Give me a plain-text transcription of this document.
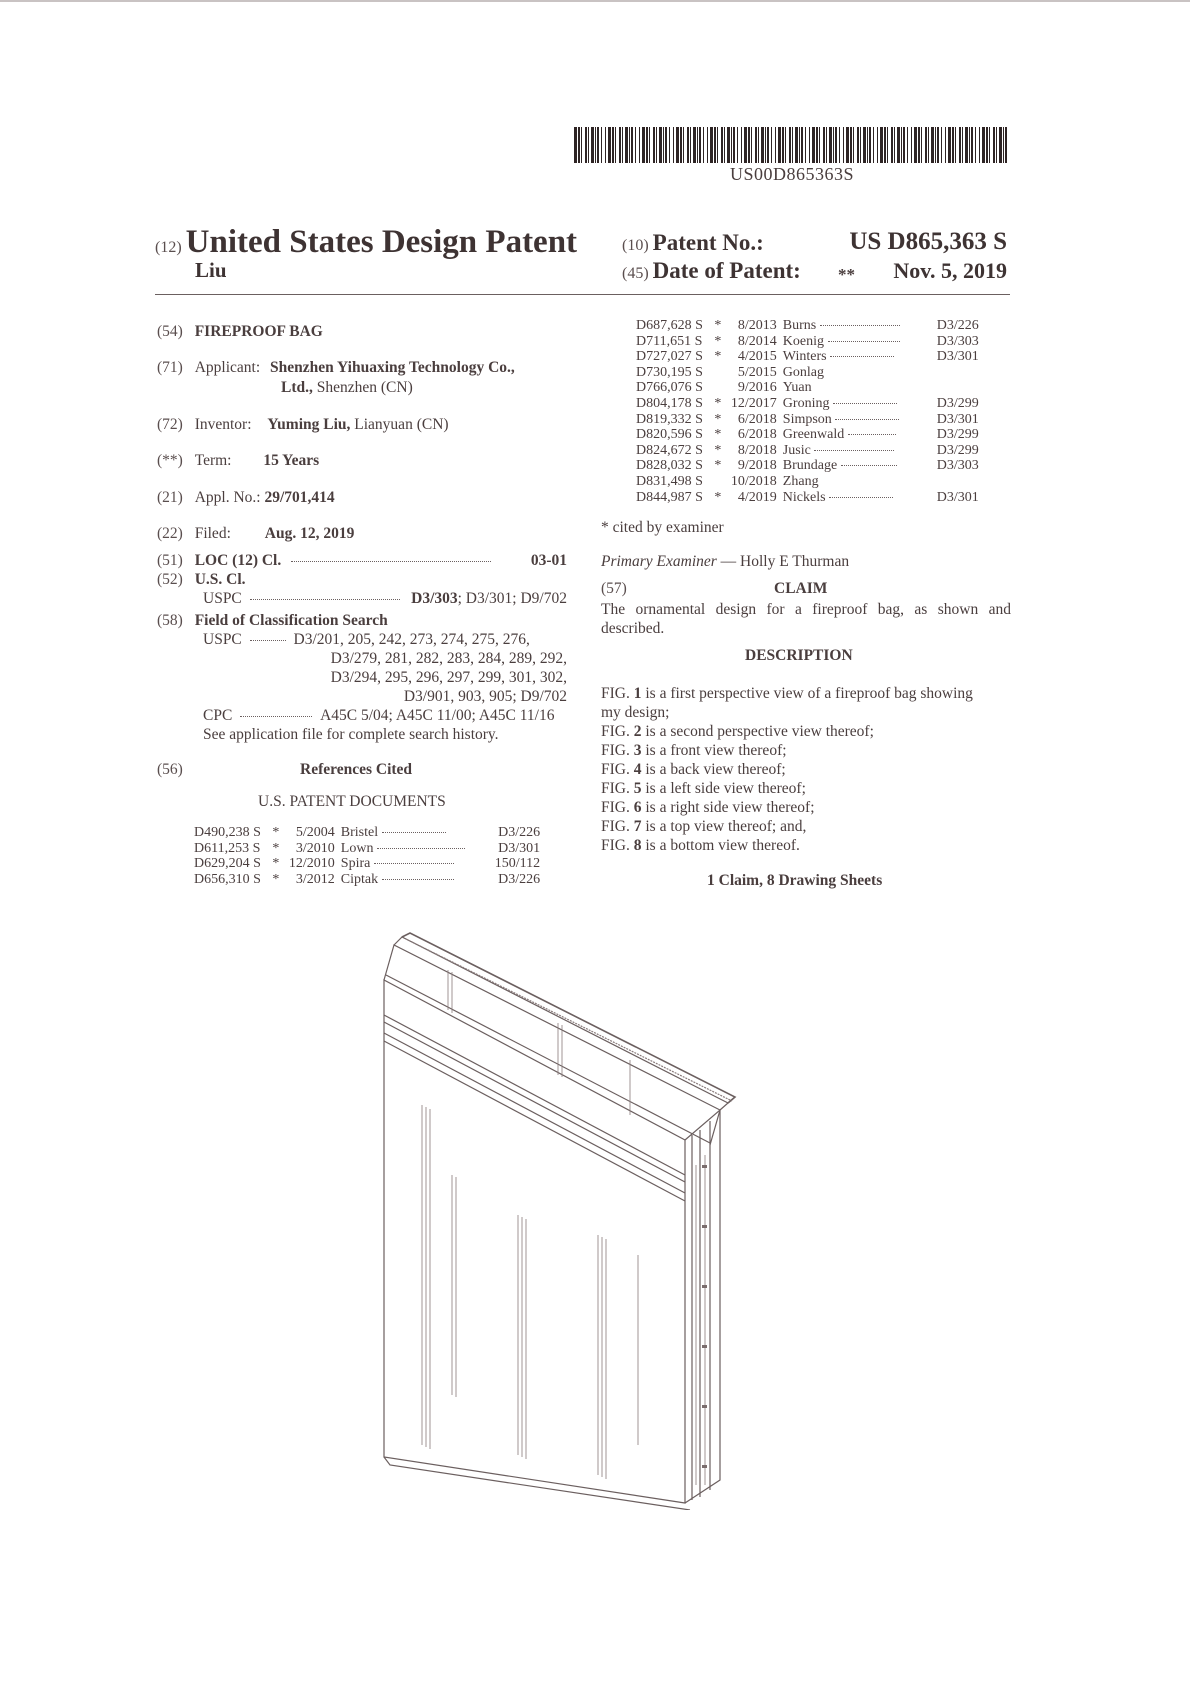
US00D865363S
(12) United States Design Patent
Liu
(10) Patent No.:	US D865,363 S
(45) Date of Patent: ** Nov. 5, 2019
(54) FIREPROOF BAG
(71) Applicant: Shenzhen Yihuaxing Technology Co.,
Ltd., Shenzhen (CN)
(72) Inventor: Yuming Liu, Lianyuan (CN)
(**) Term: 15 Years
(21) Appl. No.: 29/701,414
(22) Filed: Aug. 12, 2019
(51) LOC (12) Cl.	03-01
(52) U.S. Cl.
USPC	D3/303; D3/301; D9/702
(58) Field of Classification Search
USPC	D3/201, 205, 242, 273, 274, 275, 276,
D3/279, 281, 282, 283, 284, 289, 292,
D3/294, 295, 296, 297, 299, 301, 302,
D3/901, 903, 905; D9/702
CPC	A45C 5/04; A45C 11/00; A45C 11/16
See application file for complete search history.
(56)	References Cited
U.S. PATENT DOCUMENTS
D490,238 S	*	5/2004	Bristel	D3/226
D611,253 S	*	3/2010	Lown	D3/301
D629,204 S	*	12/2010	Spira	150/112
D656,310 S	*	3/2012	Ciptak	D3/226
D687,628 S	*	8/2013	Burns	D3/226
D711,651 S	*	8/2014	Koenig	D3/303
D727,027 S	*	4/2015	Winters	D3/301
D730,195 S		5/2015	Gonlag	
D766,076 S		9/2016	Yuan	
D804,178 S	*	12/2017	Groning	D3/299
D819,332 S	*	6/2018	Simpson	D3/301
D820,596 S	*	6/2018	Greenwald	D3/299
D824,672 S	*	8/2018	Jusic	D3/299
D828,032 S	*	9/2018	Brundage	D3/303
D831,498 S		10/2018	Zhang	
D844,987 S	*	4/2019	Nickels	D3/301
* cited by examiner
Primary Examiner — Holly E Thurman
(57)	CLAIM
The ornamental design for a fireproof bag, as shown and described.
DESCRIPTION
FIG. 1 is a first perspective view of a fireproof bag showing
my design;
FIG. 2 is a second perspective view thereof;
FIG. 3 is a front view thereof;
FIG. 4 is a back view thereof;
FIG. 5 is a left side view thereof;
FIG. 6 is a right side view thereof;
FIG. 7 is a top view thereof; and,
FIG. 8 is a bottom view thereof.
1 Claim, 8 Drawing Sheets
